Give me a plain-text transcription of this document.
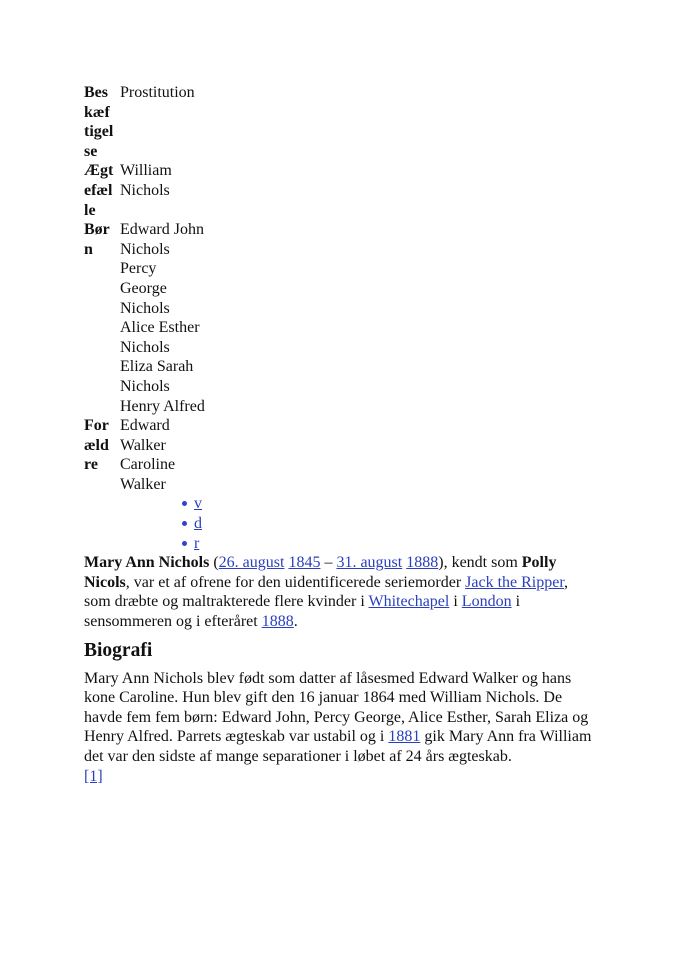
Beskæftigelse	Prostitution

Ægtefælle	William Nichols

Børn	Edward John Nichols
Percy George Nichols
Alice Esther Nichols
Eliza Sarah Nichols
Henry Alfred

Forældre	Edward Walker
Caroline Walker
v
d
r

Mary Ann Nichols (26. august 1845 – 31. august 1888), kendt som Polly Nicols, var et af ofrene for den uidentificerede seriemorder Jack the Ripper, som dræbte og maltrakterede flere kvinder i Whitechapel i London i sensommeren og i efteråret 1888.

Biografi

Mary Ann Nichols blev født som datter af låsesmed Edward Walker og hans kone Caroline. Hun blev gift den 16 januar 1864 med William Nichols. De havde fem fem børn: Edward John, Percy George, Alice Esther, Sarah Eliza og Henry Alfred. Parrets ægteskab var ustabil og i 1881 gik Mary Ann fra William det var den sidste af mange separationer i løbet af 24 års ægteskab.
[1]
